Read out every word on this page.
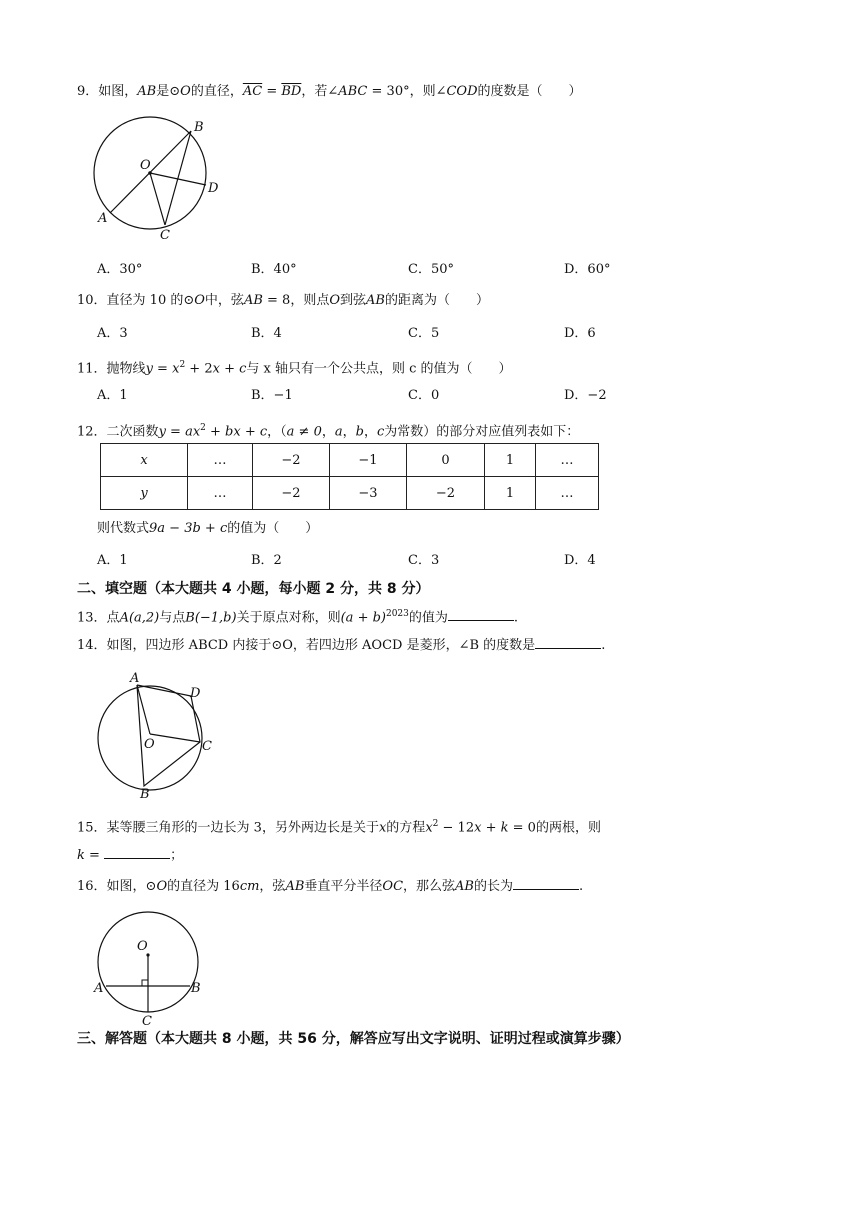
9．如图，AB是⊙O的直径，$\overline{AC} = \overline{BD}$，若∠ABC = 30°，则∠COD的度数是（　　）
B
O
D
A
C
A．30°	B．40°	C．50°	D．60°
10．直径为 10 的⊙O中，弦AB = 8，则点O到弦AB的距离为（　　）
A．3	B．4	C．5	D．6
11．抛物线$y = x^2 + 2x + c$与 x 轴只有一个公共点，则 c 的值为（　　）
A．1	B．−1	C．0	D．−2
12．二次函数$y = ax^2$ + bx + c，（a ≠ 0，a，b，c为常数）的部分对应值列表如下：
x	…	−2	−1	0	1	…
y	…	−2	−3	−2	1	…
则代数式9a − 3b + c的值为（　　）
A．1	B．2	C．3	D．4
二、填空题（本大题共 4 小题，每小题 2 分，共 8 分）
13．点A(a,2)与点B(−1,b)关于原点对称，则$(a + b)^{2023}$的值为	.
14．如图，四边形 ABCD 内接于⊙O，若四边形 AOCD 是菱形，∠B 的度数是	.
A
D
O	C
B
15．某等腰三角形的一边长为 3，另外两边长是关于x的方程$x^2 - 12x + k = 0$的两根，则
k =	；
16．如图，⊙O的直径为 16cm，弦AB垂直平分半径OC，那么弦AB的长为	.
O
A	B
C
三、解答题（本大题共 8 小题，共 56 分，解答应写出文字说明、证明过程或演算步骤）
